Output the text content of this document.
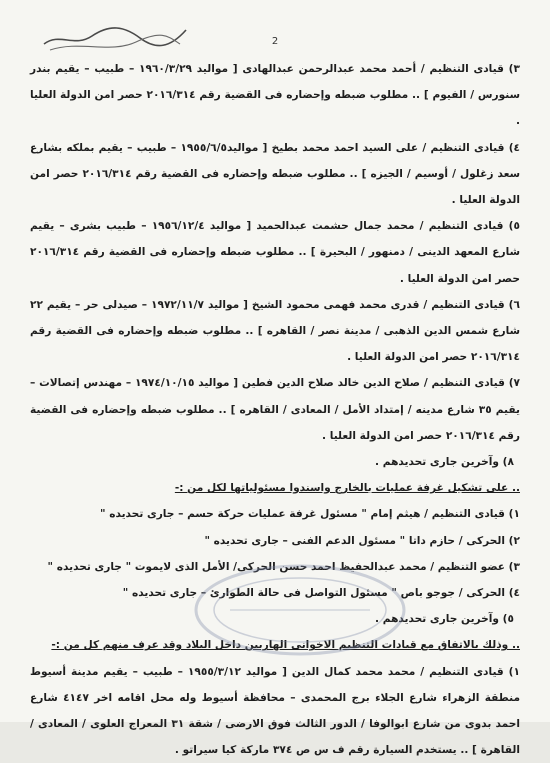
2

٣) قيادى التنظيم / أحمد محمد عبدالرحمن عبدالهادى [ مواليد ١٩٦٠/٣/٢٩ – طبيب – يقيم بندر سنورس / الفيوم ] .. مطلوب ضبطه وإحضاره فى القضية رقم ٢٠١٦/٣١٤ حصر امن الدولة العليا .

٤) قيادى التنظيم / على السيد احمد محمد بطيخ [ مواليد١٩٥٥/٦/٥ – طبيب – يقيم بملكه بشارع سعد زغلول / أوسيم / الجيزه ] .. مطلوب ضبطه وإحضاره فى القضية رقم ٢٠١٦/٣١٤ حصر امن الدولة العليا .

٥) قيادى التنظيم / محمد جمال حشمت عبدالحميد [ مواليد ١٩٥٦/١٢/٤ – طبيب بشرى – يقيم شارع المعهد الدينى / دمنهور / البحيرة ] .. مطلوب ضبطه وإحضاره فى القضية رقم ٢٠١٦/٣١٤ حصر امن الدولة العليا .

٦) قيادى التنظيم / قدرى محمد فهمى محمود الشيخ [ مواليد ١٩٧٢/١١/٧ – صيدلى حر – يقيم ٢٢ شارع شمس الدين الذهبى / مدينة نصر / القاهره ] .. مطلوب ضبطه وإحضاره فى القضية رقم ٢٠١٦/٣١٤ حصر امن الدولة العليا .

٧) قيادى التنظيم / صلاح الدين خالد صلاح الدين فطين [ مواليد ١٩٧٤/١٠/١٥ – مهندس إتصالات – يقيم ٣٥ شارع مدينه / إمتداد الأمل / المعادى / القاهره ] .. مطلوب ضبطه وإحضاره فى القضية رقم ٢٠١٦/٣١٤ حصر امن الدولة العليا .

٨) وآخرين جارى تحديدهم .

.. على تشكيل غرفة عمليات بالخارج واسندوا مسئولياتها لكل من :-

١) قيادى التنظيم / هيثم إمام " مسئول غرفة عمليات حركة حسم – جارى تحديده "

٢) الحركى / حازم داتا " مسئول الدعم الفنى – جارى تحديده "

٣) عضو التنظيم / محمد عبدالحفيظ احمد حسن الحركى/ الأمل الذى لايموت " جارى تحديده "

٤) الحركى / جوجو باص " مسئول التواصل فى حالة الطوارئ – جارى تحديده "

٥) وآخرين جارى تحديدهم .

.. وذلك بالاتفاق مع قيادات التنظيم الاخوانى الهاربين داخل البلاد وقد عرف منهم كل من :-

١) قيادى التنظيم / محمد محمد كمال الدين [ مواليد ١٩٥٥/٣/١٢ – طبيب – يقيم مدينة أسيوط منطقة الزهراء شارع الجلاء برج المحمدى – محافظة أسيوط وله محل اقامه اخر ٤١٤٧ شارع احمد بدوى من شارع ابوالوفا / الدور الثالث فوق الارضى / شقة ٣١ المعراج العلوى / المعادى / القاهرة ] .. يستخدم السيارة رقم ف س ص ٣٧٤ ماركة كيا سيراتو .
